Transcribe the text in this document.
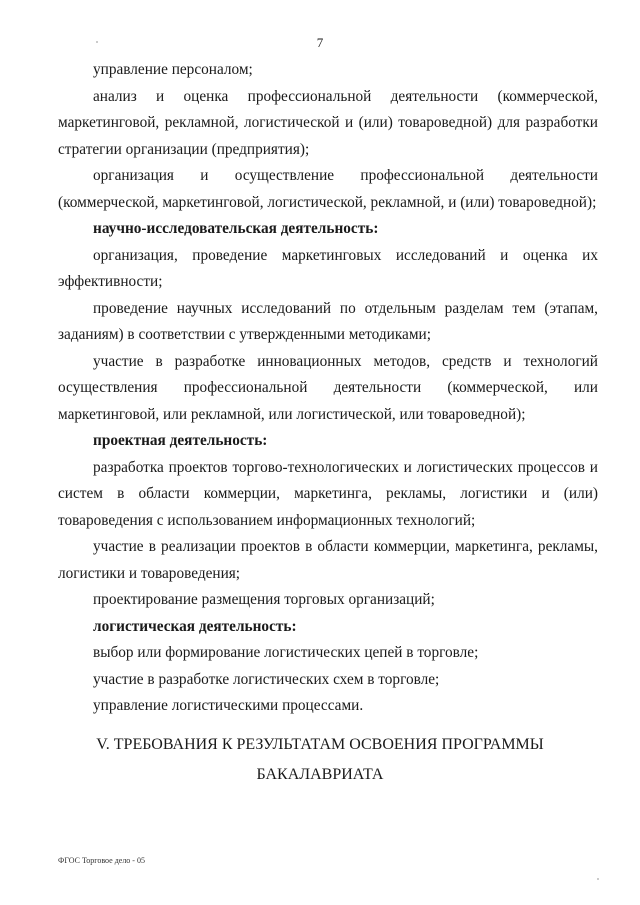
7

управление персоналом;

анализ и оценка профессиональной деятельности (коммерческой, маркетинговой, рекламной, логистической и (или) товароведной) для разработки стратегии организации (предприятия);

организация и осуществление профессиональной деятельности (коммерческой, маркетинговой, логистической, рекламной, и (или) товароведной);

научно-исследовательская деятельность:

организация, проведение маркетинговых исследований и оценка их эффективности;

проведение научных исследований по отдельным разделам тем (этапам, заданиям) в соответствии с утвержденными методиками;

участие в разработке инновационных методов, средств и технологий осуществления профессиональной деятельности (коммерческой, или маркетинговой, или рекламной, или логистической, или товароведной);

проектная деятельность:

разработка проектов торгово-технологических и логистических процессов и систем в области коммерции, маркетинга, рекламы, логистики и (или) товароведения с использованием информационных технологий;

участие в реализации проектов в области коммерции, маркетинга, рекламы, логистики и товароведения;

проектирование размещения торговых организаций;

логистическая деятельность:

выбор или формирование логистических цепей в торговле;

участие в разработке логистических схем в торговле;

управление логистическими процессами.

V. ТРЕБОВАНИЯ К РЕЗУЛЬТАТАМ ОСВОЕНИЯ ПРОГРАММЫ
БАКАЛАВРИАТА
ФГОС Торговое дело - 05
